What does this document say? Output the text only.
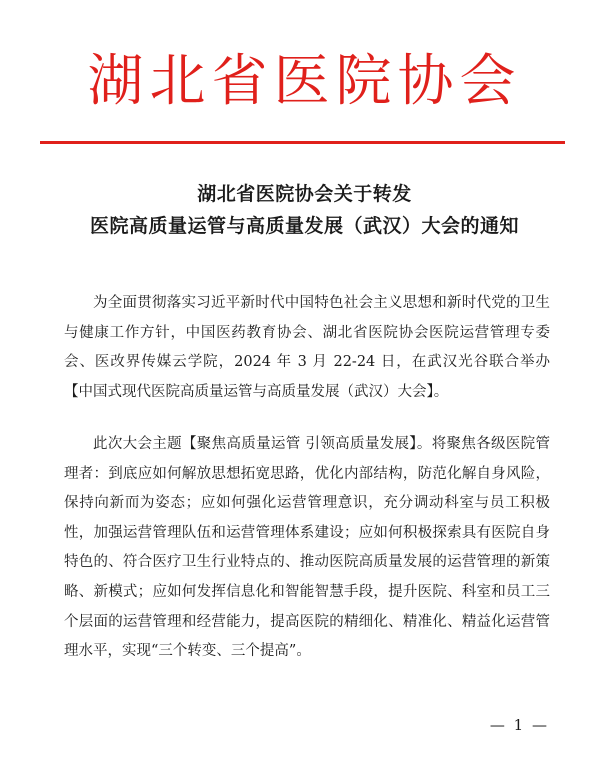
湖北省医院协会
湖北省医院协会关于转发
医院高质量运管与高质量发展（武汉）大会的通知

为全面贯彻落实习近平新时代中国特色社会主义思想和新时代党的卫生与健康工作方针，中国医药教育协会、湖北省医院协会医院运营管理专委会、医改界传媒云学院，2024 年 3 月 22-24 日，在武汉光谷联合举办【中国式现代医院高质量运管与高质量发展（武汉）大会】。

此次大会主题【聚焦高质量运管 引领高质量发展】。将聚焦各级医院管理者：到底应如何解放思想拓宽思路，优化内部结构，防范化解自身风险，保持向新而为姿态；应如何强化运营管理意识，充分调动科室与员工积极性，加强运营管理队伍和运营管理体系建设；应如何积极探索具有医院自身特色的、符合医疗卫生行业特点的、推动医院高质量发展的运营管理的新策略、新模式；应如何发挥信息化和智能智慧手段，提升医院、科室和员工三个层面的运营管理和经营能力，提高医院的精细化、精准化、精益化运营管理水平，实现“三个转变、三个提高”。

— 1 —
